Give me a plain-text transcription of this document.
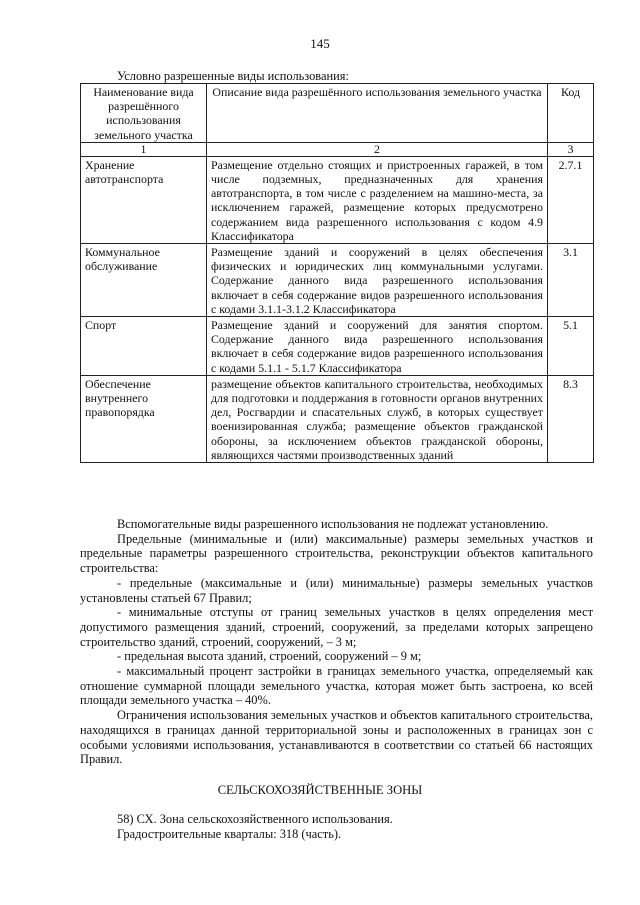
145
Условно разрешенные виды использования:
Наименование вида разрешённого использования земельного участка	Описание вида разрешённого использования земельного участка	Код
1	2	3
Хранение автотранспорта	Размещение отдельно стоящих и пристроенных гаражей, в том числе подземных, предназначенных для хранения автотранспорта, в том числе с разделением на машино-места, за исключением гаражей, размещение которых предусмотрено содержанием вида разрешенного использования с кодом 4.9 Классификатора	2.7.1
Коммунальное обслуживание	Размещение зданий и сооружений в целях обеспечения физических и юридических лиц коммунальными услугами. Содержание данного вида разрешенного использования включает в себя содержание видов разрешенного использования с кодами 3.1.1-3.1.2 Классификатора	3.1
Спорт	Размещение зданий и сооружений для занятия спортом. Содержание данного вида разрешенного использования включает в себя содержание видов разрешенного использования с кодами 5.1.1 - 5.1.7 Классификатора	5.1
Обеспечение внутреннего правопорядка	размещение объектов капитального строительства, необходимых для подготовки и поддержания в готовности органов внутренних дел, Росгвардии и спасательных служб, в которых существует военизированная служба; размещение объектов гражданской обороны, за исключением объектов гражданской обороны, являющихся частями производственных зданий	8.3

Вспомогательные виды разрешенного использования не подлежат установлению.

Предельные (минимальные и (или) максимальные) размеры земельных участков и предельные параметры разрешенного строительства, реконструкции объектов капитального строительства:

- предельные (максимальные и (или) минимальные) размеры земельных участков установлены статьей 67 Правил;

- минимальные отступы от границ земельных участков в целях определения мест допустимого размещения зданий, строений, сооружений, за пределами которых запрещено строительство зданий, строений, сооружений, – 3 м;

- предельная высота зданий, строений, сооружений – 9 м;

- максимальный процент застройки в границах земельного участка, определяемый как отношение суммарной площади земельного участка, которая может быть застроена, ко всей площади земельного участка – 40%.

Ограничения использования земельных участков и объектов капитального строительства, находящихся в границах данной территориальной зоны и расположенных в границах зон с особыми условиями использования, устанавливаются в соответствии со статьей 66 настоящих Правил.

СЕЛЬСКОХОЗЯЙСТВЕННЫЕ ЗОНЫ

58) СХ. Зона сельскохозяйственного использования.

Градостроительные кварталы: 318 (часть).
